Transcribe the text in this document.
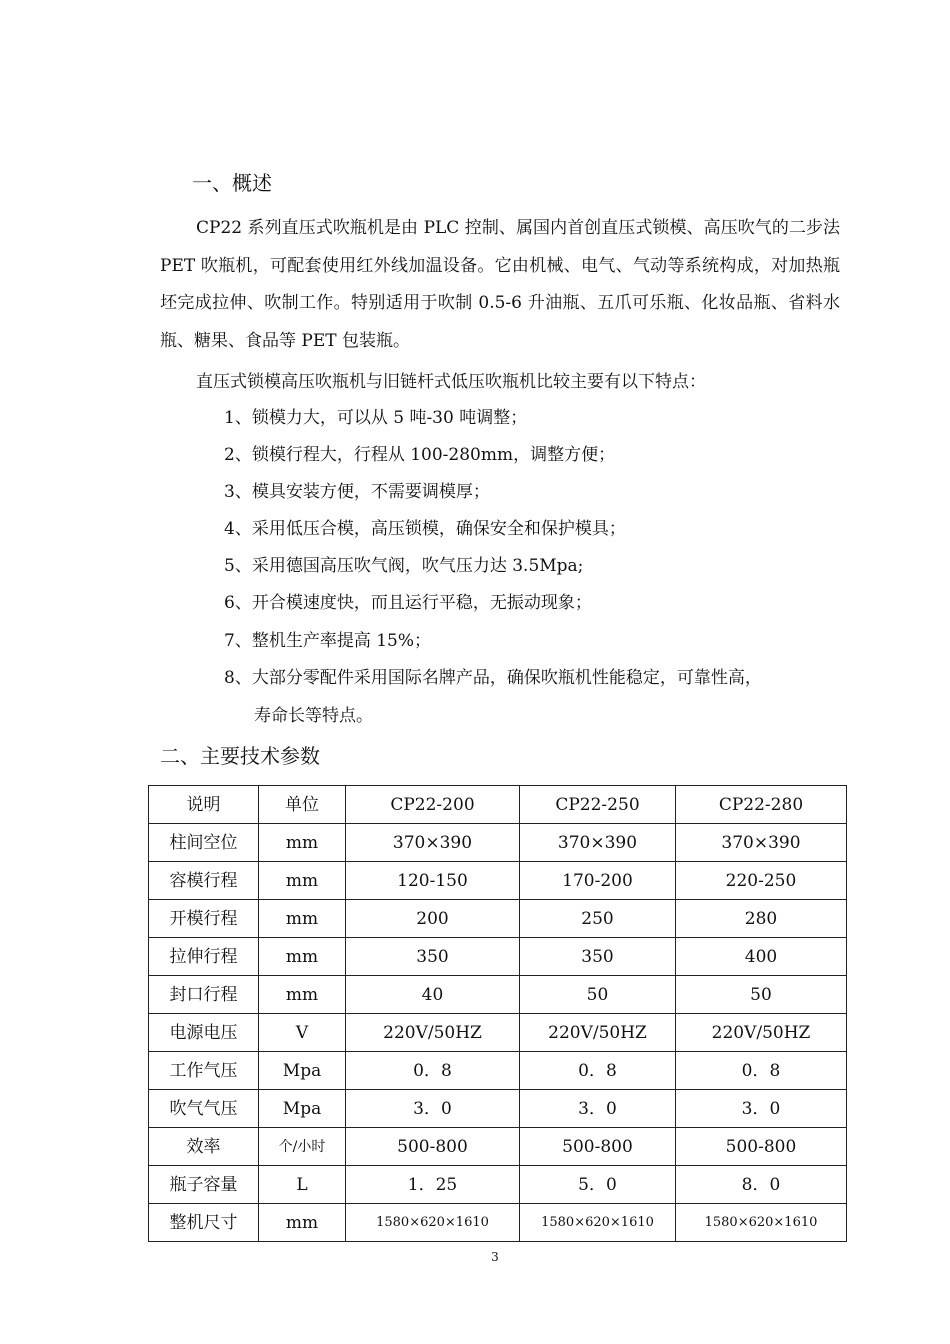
一、概述
CP22 系列直压式吹瓶机是由 PLC 控制、属国内首创直压式锁模、高压吹气的二步法 PET 吹瓶机，可配套使用红外线加温设备。它由机械、电气、气动等系统构成，对加热瓶坯完成拉伸、吹制工作。特别适用于吹制 0.5-6 升油瓶、五爪可乐瓶、化妆品瓶、省料水瓶、糖果、食品等 PET 包装瓶。
直压式锁模高压吹瓶机与旧链杆式低压吹瓶机比较主要有以下特点：
1、锁模力大，可以从 5 吨-30 吨调整；
2、锁模行程大，行程从 100-280mm，调整方便；
3、模具安装方便，不需要调模厚；
4、采用低压合模，高压锁模，确保安全和保护模具；
5、采用德国高压吹气阀，吹气压力达 3.5Mpa;
6、开合模速度快，而且运行平稳，无振动现象；
7、整机生产率提高 15%；
8、大部分零配件采用国际名牌产品，确保吹瓶机性能稳定，可靠性高，
寿命长等特点。
二、主要技术参数
说明	单位	CP22-200	CP22-250	CP22-280
柱间空位	mm	370×390	370×390	370×390
容模行程	mm	120-150	170-200	220-250
开模行程	mm	200	250	280
拉伸行程	mm	350	350	400
封口行程	mm	40	50	50
电源电压	V	220V/50HZ	220V/50HZ	220V/50HZ
工作气压	Mpa	0．8	0．8	0．8
吹气气压	Mpa	3．0	3．0	3．0
效率	个/小时	500-800	500-800	500-800
瓶子容量	L	1．25	5．0	8．0
整机尺寸	mm	1580×620×1610	1580×620×1610	1580×620×1610
3
